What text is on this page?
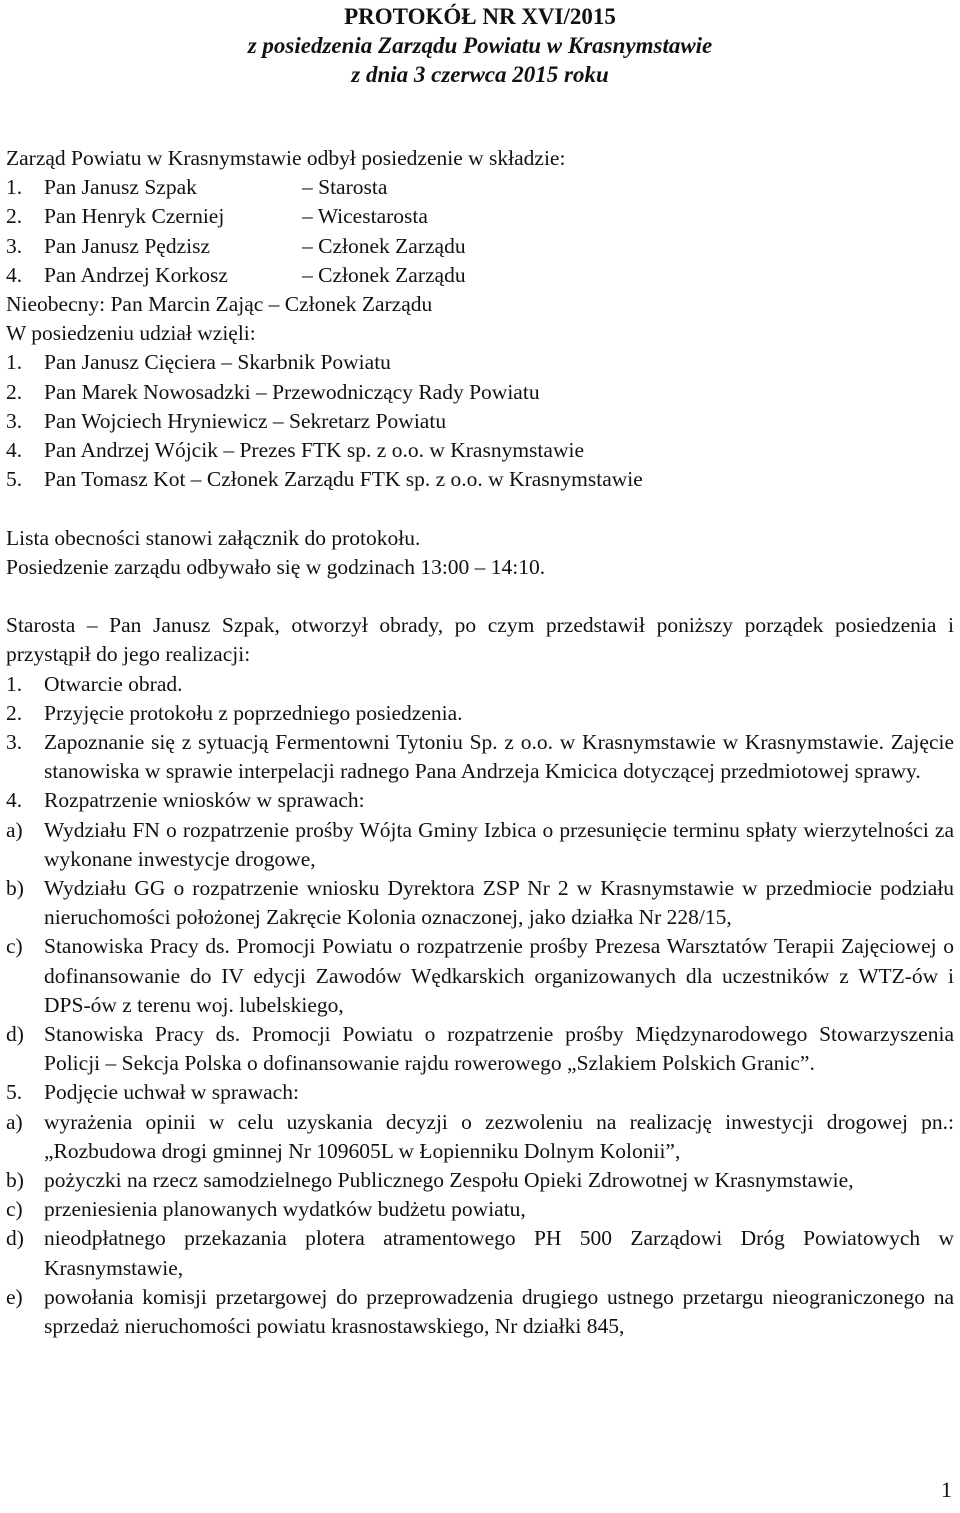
PROTOKÓŁ NR XVI/2015
z posiedzenia Zarządu Powiatu w Krasnymstawie
z dnia 3 czerwca 2015 roku
Zarząd Powiatu w Krasnymstawie odbył posiedzenie w składzie:
1.	Pan Janusz Szpak	– Starosta
2.	Pan Henryk Czerniej	– Wicestarosta
3.	Pan Janusz Pędzisz	– Członek Zarządu
4.	Pan Andrzej Korkosz	– Członek Zarządu
Nieobecny: Pan Marcin Zając – Członek Zarządu
W posiedzeniu udział wzięli:
1. Pan Janusz Cięciera – Skarbnik Powiatu
2. Pan Marek Nowosadzki – Przewodniczący Rady Powiatu
3. Pan Wojciech Hryniewicz – Sekretarz Powiatu
4. Pan Andrzej Wójcik – Prezes FTK sp. z o.o. w Krasnymstawie
5. Pan Tomasz Kot – Członek Zarządu FTK sp. z o.o. w Krasnymstawie
Lista obecności stanowi załącznik do protokołu.
Posiedzenie zarządu odbywało się w godzinach 13:00 – 14:10.
Starosta – Pan Janusz Szpak, otworzył obrady, po czym przedstawił poniższy porządek posiedzenia i przystąpił do jego realizacji:
1.	Otwarcie obrad.
2.	Przyjęcie protokołu z poprzedniego posiedzenia.
3.	Zapoznanie się z sytuacją Fermentowni Tytoniu Sp. z o.o. w Krasnymstawie w Krasnymstawie. Zajęcie stanowiska w sprawie interpelacji radnego Pana Andrzeja Kmicica dotyczącej przedmiotowej sprawy.
4.	Rozpatrzenie wniosków w sprawach:
a) Wydziału FN o rozpatrzenie prośby Wójta Gminy Izbica o przesunięcie terminu spłaty wierzytelności za wykonane inwestycje drogowe,
b) Wydziału GG o rozpatrzenie wniosku Dyrektora ZSP Nr 2 w Krasnymstawie w przedmiocie podziału nieruchomości położonej Zakręcie Kolonia oznaczonej, jako działka Nr 228/15,
c) Stanowiska Pracy ds. Promocji Powiatu o rozpatrzenie prośby Prezesa Warsztatów Terapii Zajęciowej o dofinansowanie do IV edycji Zawodów Wędkarskich organizowanych dla uczestników z WTZ-ów i DPS-ów z terenu woj. lubelskiego,
d) Stanowiska Pracy ds. Promocji Powiatu o rozpatrzenie prośby Międzynarodowego Stowarzyszenia Policji – Sekcja Polska o dofinansowanie rajdu rowerowego „Szlakiem Polskich Granic”.
5.	Podjęcie uchwał w sprawach:
a) wyrażenia opinii w celu uzyskania decyzji o zezwoleniu na realizację inwestycji drogowej pn.: „Rozbudowa drogi gminnej Nr 109605L w Łopienniku Dolnym Kolonii”,
b) pożyczki na rzecz samodzielnego Publicznego Zespołu Opieki Zdrowotnej w Krasnymstawie,
c) przeniesienia planowanych wydatków budżetu powiatu,
d) nieodpłatnego przekazania plotera atramentowego PH 500 Zarządowi Dróg Powiatowych w Krasnymstawie,
e) powołania komisji przetargowej do przeprowadzenia drugiego ustnego przetargu nieograniczonego na sprzedaż nieruchomości powiatu krasnostawskiego, Nr działki 845,
1
